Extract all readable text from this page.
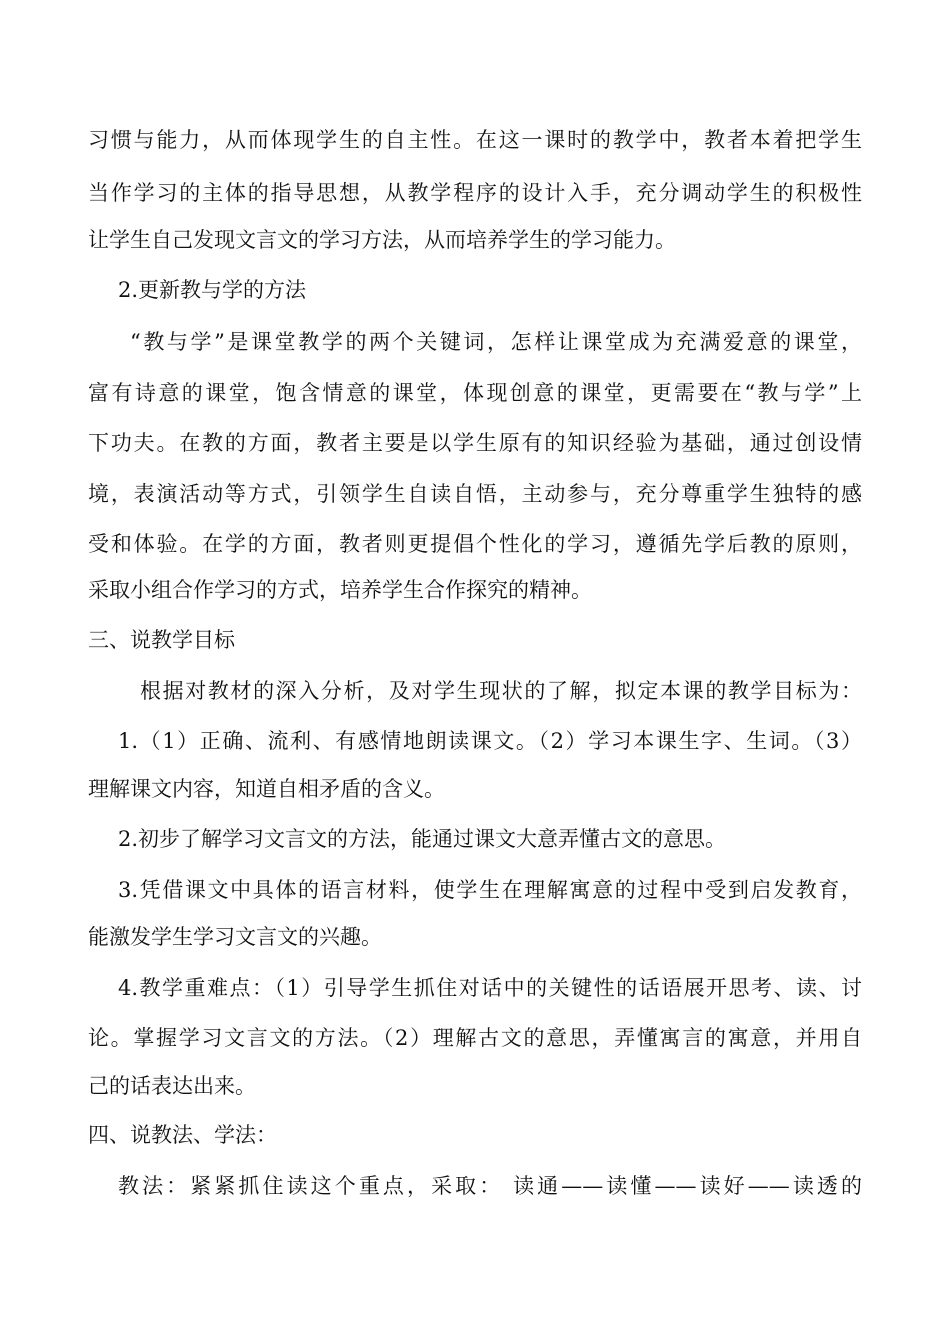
习惯与能力，从而体现学生的自主性。在这一课时的教学中，教者本着把学生
当作学习的主体的指导思想，从教学程序的设计入手，充分调动学生的积极性
让学生自己发现文言文的学习方法，从而培养学生的学习能力。
2.更新教与学的方法
“教与学”是课堂教学的两个关键词，怎样让课堂成为充满爱意的课堂，
富有诗意的课堂，饱含情意的课堂，体现创意的课堂，更需要在“教与学”上
下功夫。在教的方面，教者主要是以学生原有的知识经验为基础，通过创设情
境，表演活动等方式，引领学生自读自悟，主动参与，充分尊重学生独特的感
受和体验。在学的方面，教者则更提倡个性化的学习，遵循先学后教的原则，
采取小组合作学习的方式，培养学生合作探究的精神。
三、说教学目标
根据对教材的深入分析，及对学生现状的了解，拟定本课的教学目标为：
1.（1）正确、流利、有感情地朗读课文。（2）学习本课生字、生词。（3）
理解课文内容，知道自相矛盾的含义。
2.初步了解学习文言文的方法，能通过课文大意弄懂古文的意思。
3.凭借课文中具体的语言材料，使学生在理解寓意的过程中受到启发教育，
能激发学生学习文言文的兴趣。
4.教学重难点：（1）引导学生抓住对话中的关键性的话语展开思考、读、讨
论。掌握学习文言文的方法。（2）理解古文的意思，弄懂寓言的寓意，并用自
己的话表达出来。
四、说教法、学法：
教法：紧紧抓住读这个重点，采取： 读通——读懂——读好——读透的
